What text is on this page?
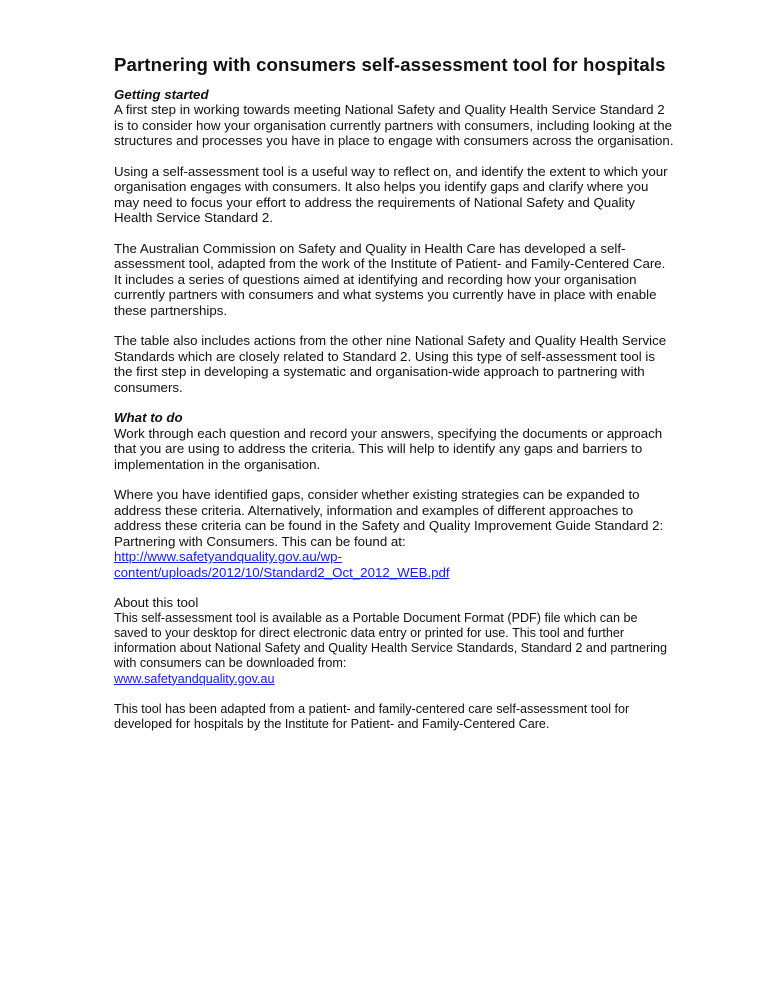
Partnering with consumers self-assessment tool for hospitals
Getting started
A first step in working towards meeting National Safety and Quality Health Service Standard 2 is to consider how your organisation currently partners with consumers, including looking at the structures and processes you have in place to engage with consumers across the organisation.
Using a self-assessment tool is a useful way to reflect on, and identify the extent to which your organisation engages with consumers. It also helps you identify gaps and clarify where you may need to focus your effort to address the requirements of National Safety and Quality Health Service Standard 2.
The Australian Commission on Safety and Quality in Health Care has developed a self-assessment tool, adapted from the work of the Institute of Patient- and Family-Centered Care. It includes a series of questions aimed at identifying and recording how your organisation currently partners with consumers and what systems you currently have in place with enable these partnerships.
The table also includes actions from the other nine National Safety and Quality Health Service Standards which are closely related to Standard 2. Using this type of self-assessment tool is the first step in developing a systematic and organisation-wide approach to partnering with consumers.
What to do
Work through each question and record your answers, specifying the documents or approach that you are using to address the criteria. This will help to identify any gaps and barriers to implementation in the organisation.

Where you have identified gaps, consider whether existing strategies can be expanded to address these criteria. Alternatively, information and examples of different approaches to address these criteria can be found in the Safety and Quality Improvement Guide Standard 2: Partnering with Consumers. This can be found at:

http://www.safetyandquality.gov.au/wp-
content/uploads/2012/10/Standard2_Oct_2012_WEB.pdf
About this tool

This self-assessment tool is available as a Portable Document Format (PDF) file which can be saved to your desktop for direct electronic data entry or printed for use. This tool and further information about National Safety and Quality Health Service Standards, Standard 2 and partnering with consumers can be downloaded from:

www.safetyandquality.gov.au
This tool has been adapted from a patient- and family-centered care self-assessment tool for developed for hospitals by the Institute for Patient- and Family-Centered Care.
